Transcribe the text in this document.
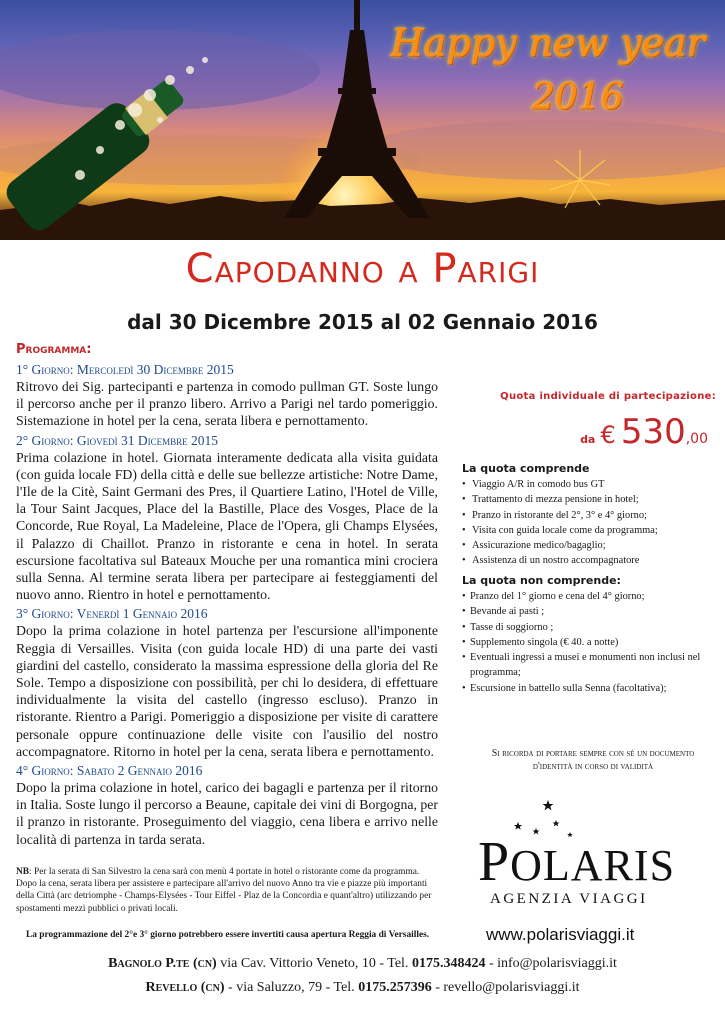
Happy new year
2016
Capodanno a Parigi
dal 30 Dicembre 2015 al 02 Gennaio 2016
Programma:
1° Giorno: Mercoledì 30 Dicembre 2015
Ritrovo dei Sig. partecipanti e partenza in comodo pullman GT. Soste lungo il percorso anche per il pranzo libero. Arrivo a Parigi nel tardo pomeriggio. Sistemazione in hotel per la cena, serata libera e pernottamento.
2° Giorno: Giovedì 31 Dicembre 2015
Prima colazione in hotel. Giornata interamente dedicata alla visita guidata (con guida locale FD) della città e delle sue bellezze artistiche: Notre Dame, l'Ile de la Citè, Saint Germani des Pres, il Quartiere Latino, l'Hotel de Ville, la Tour Saint Jacques, Place del la Bastille, Place des Vosges, Place de la Concorde, Rue Royal, La Madeleine, Place de l'Opera, gli Champs Elysées, il Palazzo di Chaillot. Pranzo in ristorante e cena in hotel. In serata escursione facoltativa sul Bateaux Mouche per una romantica mini crociera sulla Senna. Al termine serata libera per partecipare ai festeggiamenti del nuovo anno. Rientro in hotel e pernottamento.
3° Giorno: Venerdì 1 Gennaio 2016
Dopo la prima colazione in hotel partenza per l'escursione all'imponente Reggia di Versailles. Visita (con guida locale HD) di una parte dei vasti giardini del castello, considerato la massima espressione della gloria del Re Sole. Tempo a disposizione con possibilità, per chi lo desidera, di effettuare individualmente la visita del castello (ingresso escluso). Pranzo in ristorante. Rientro a Parigi. Pomeriggio a disposizione per visite di carattere personale oppure continuazione delle visite con l'ausilio del nostro accompagnatore. Ritorno in hotel per la cena, serata libera e pernottamento.
4° Giorno: Sabato 2 Gennaio 2016
Dopo la prima colazione in hotel, carico dei bagagli e partenza per il ritorno in Italia. Soste lungo il percorso a Beaune, capitale dei vini di Borgogna, per il pranzo in ristorante. Proseguimento del viaggio, cena libera e arrivo nelle località di partenza in tarda serata.
NB: Per la serata di San Silvestro la cena sarà con menù 4 portate in hotel o ristorante come da programma. Dopo la cena, serata libera per assistere e partecipare all'arrivo del nuovo Anno tra vie e piazze più importanti della Città (arc detriomphe - Champs-Elysées - Tour Eiffel - Plaz de la Concordia e quant'altro) utilizzando per spostamenti mezzi pubblici o privati locali.
La programmazione del 2°e 3° giorno potrebbero essere invertiti causa apertura Reggia di Versailles.
Quota individuale di partecipazione:
da € 530,00
La quota comprende
• Viaggio A/R in comodo bus GT
• Trattamento di mezza pensione in hotel;
• Pranzo in ristorante del 2°, 3° e 4° giorno;
• Visita con guida locale come da programma;
• Assicurazione medico/bagaglio;
• Assistenza di un nostro accompagnatore
La quota non comprende:
• Pranzo del 1° giorno e cena del 4° giorno;
• Bevande ai pasti ;
• Tasse di soggiorno ;
• Supplemento singola (€ 40. a notte)
• Eventuali ingressi a musei e monumenti non inclusi nel programma;
• Escursione in battello sulla Senna (facoltativa);
Si ricorda di portare sempre con sé un documento d'identità in corso di validità
POLARIS
AGENZIA VIAGGI
www.polarisviaggi.it
Bagnolo P.te (cn) via Cav. Vittorio Veneto, 10 - Tel. 0175.348424 - info@polarisviaggi.it
Revello (cn) - via Saluzzo, 79 - Tel. 0175.257396 - revello@polarisviaggi.it
